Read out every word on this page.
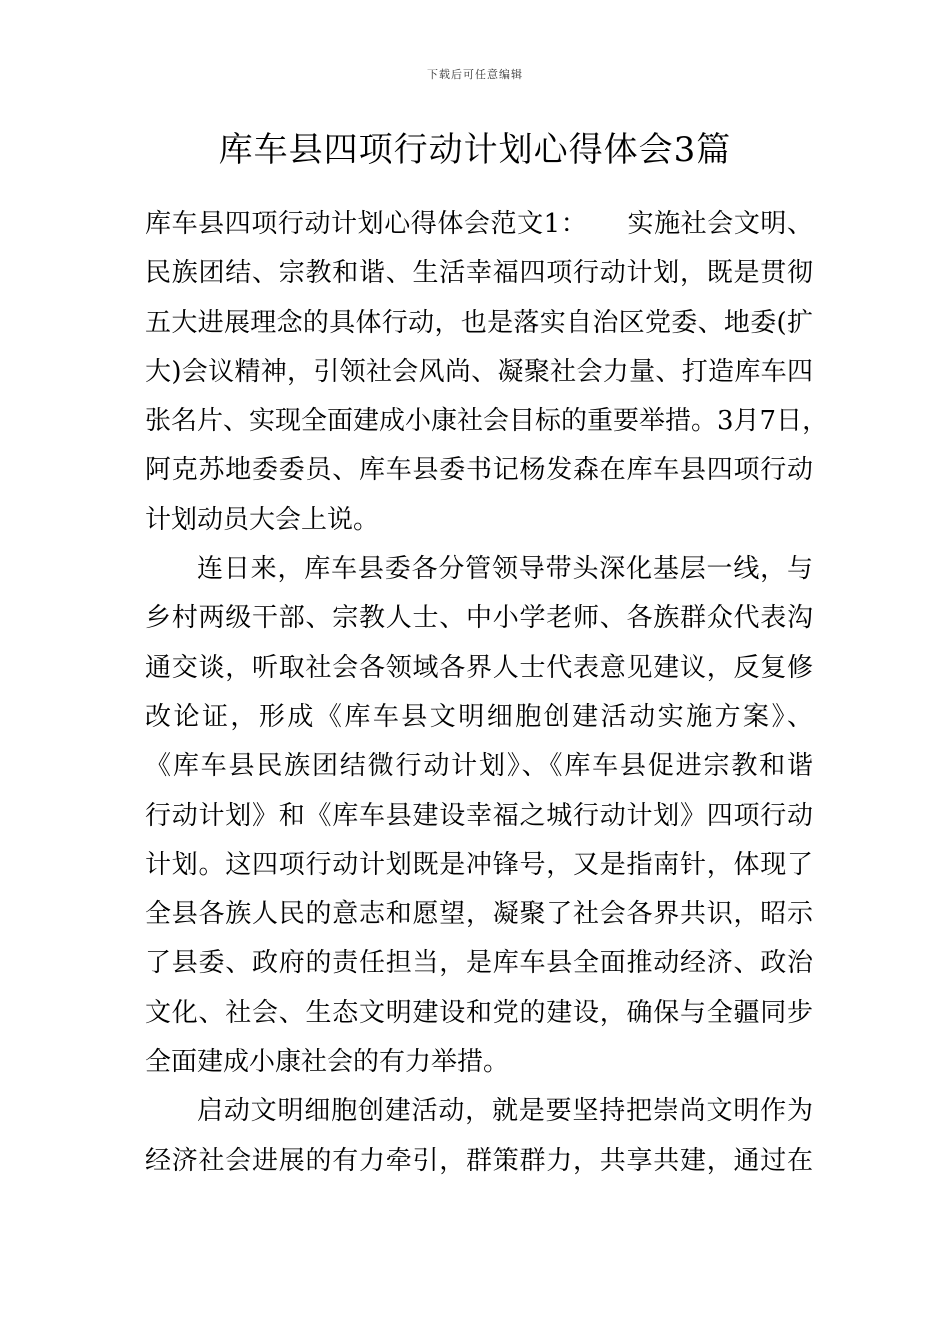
下载后可任意编辑
库车县四项行动计划心得体会3篇
库车县四项行动计划心得体会范文1：　　实施社会文明、
民族团结、宗教和谐、生活幸福四项行动计划，既是贯彻
五大进展理念的具体行动，也是落实自治区党委、地委(扩
大)会议精神，引领社会风尚、凝聚社会力量、打造库车四
张名片、实现全面建成小康社会目标的重要举措。3月7日，
阿克苏地委委员、库车县委书记杨发森在库车县四项行动
计划动员大会上说。
连日来，库车县委各分管领导带头深化基层一线，与
乡村两级干部、宗教人士、中小学老师、各族群众代表沟
通交谈，听取社会各领域各界人士代表意见建议，反复修
改论证，形成《库车县文明细胞创建活动实施方案》、
《库车县民族团结微行动计划》、《库车县促进宗教和谐
行动计划》和《库车县建设幸福之城行动计划》四项行动
计划。这四项行动计划既是冲锋号，又是指南针，体现了
全县各族人民的意志和愿望，凝聚了社会各界共识，昭示
了县委、政府的责任担当，是库车县全面推动经济、政治
文化、社会、生态文明建设和党的建设，确保与全疆同步
全面建成小康社会的有力举措。
启动文明细胞创建活动，就是要坚持把崇尚文明作为
经济社会进展的有力牵引，群策群力，共享共建，通过在
